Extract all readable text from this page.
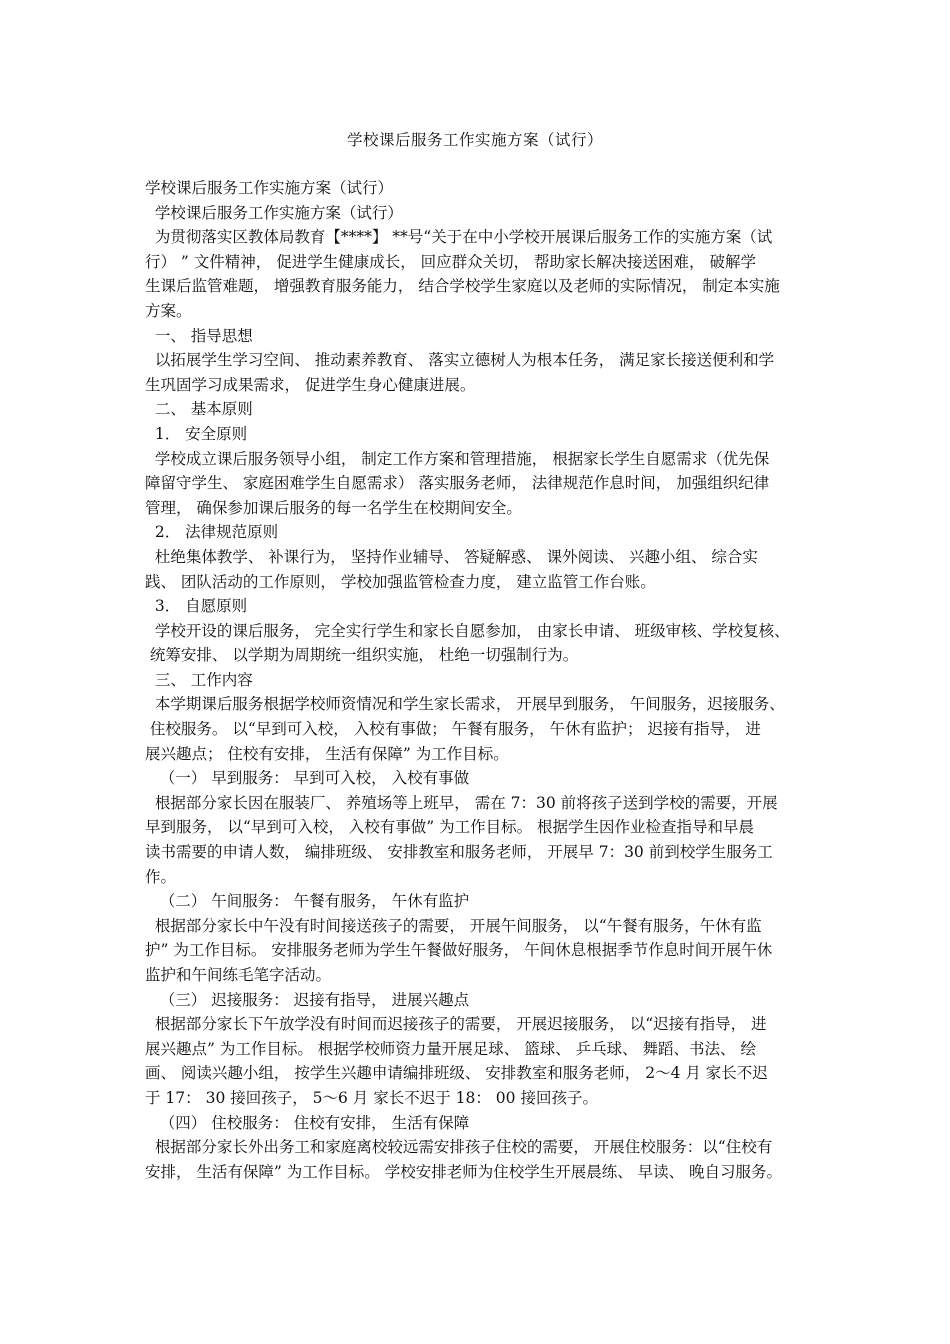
学校课后服务工作实施方案（试行）
学校课后服务工作实施方案（试行）
学校课后服务工作实施方案（试行）
为贯彻落实区教体局教育【****】 **号“关于在中小学校开展课后服务工作的实施方案（试
行） ” 文件精神， 促进学生健康成长， 回应群众关切， 帮助家长解决接送困难， 破解学
生课后监管难题， 增强教育服务能力， 结合学校学生家庭以及老师的实际情况， 制定本实施
方案。
一、 指导思想
以拓展学生学习空间、 推动素养教育、 落实立德树人为根本任务， 满足家长接送便利和学
生巩固学习成果需求， 促进学生身心健康进展。
二、 基本原则
1． 安全原则
学校成立课后服务领导小组， 制定工作方案和管理措施， 根据家长学生自愿需求（优先保
障留守学生、 家庭困难学生自愿需求） 落实服务老师， 法律规范作息时间， 加强组织纪律
管理， 确保参加课后服务的每一名学生在校期间安全。
2． 法律规范原则
杜绝集体教学、 补课行为， 坚持作业辅导、 答疑解惑、 课外阅读、 兴趣小组、 综合实
践、 团队活动的工作原则， 学校加强监管检查力度， 建立监管工作台账。
3． 自愿原则
学校开设的课后服务， 完全实行学生和家长自愿参加， 由家长申请、 班级审核、学校复核、
统筹安排、 以学期为周期统一组织实施， 杜绝一切强制行为。
三、 工作内容
本学期课后服务根据学校师资情况和学生家长需求， 开展早到服务， 午间服务，迟接服务、
住校服务。 以“早到可入校， 入校有事做； 午餐有服务， 午休有监护； 迟接有指导， 进
展兴趣点； 住校有安排， 生活有保障” 为工作目标。
（一） 早到服务： 早到可入校， 入校有事做
根据部分家长因在服装厂、 养殖场等上班早， 需在 7：30 前将孩子送到学校的需要，开展
早到服务， 以“早到可入校， 入校有事做” 为工作目标。 根据学生因作业检查指导和早晨
读书需要的申请人数， 编排班级、 安排教室和服务老师， 开展早 7：30 前到校学生服务工
作。
（二） 午间服务： 午餐有服务， 午休有监护
根据部分家长中午没有时间接送孩子的需要， 开展午间服务， 以“午餐有服务，午休有监
护” 为工作目标。 安排服务老师为学生午餐做好服务， 午间休息根据季节作息时间开展午休
监护和午间练毛笔字活动。
（三） 迟接服务： 迟接有指导， 进展兴趣点
根据部分家长下午放学没有时间而迟接孩子的需要， 开展迟接服务， 以“迟接有指导， 进
展兴趣点” 为工作目标。 根据学校师资力量开展足球、 篮球、 乒乓球、 舞蹈、书法、 绘
画、 阅读兴趣小组， 按学生兴趣申请编排班级、 安排教室和服务老师， 2～4 月 家长不迟
于 17： 30 接回孩子， 5～6 月 家长不迟于 18： 00 接回孩子。
（四） 住校服务： 住校有安排， 生活有保障
根据部分家长外出务工和家庭离校较远需安排孩子住校的需要， 开展住校服务：以“住校有
安排， 生活有保障” 为工作目标。 学校安排老师为住校学生开展晨练、 早读、 晚自习服务。
